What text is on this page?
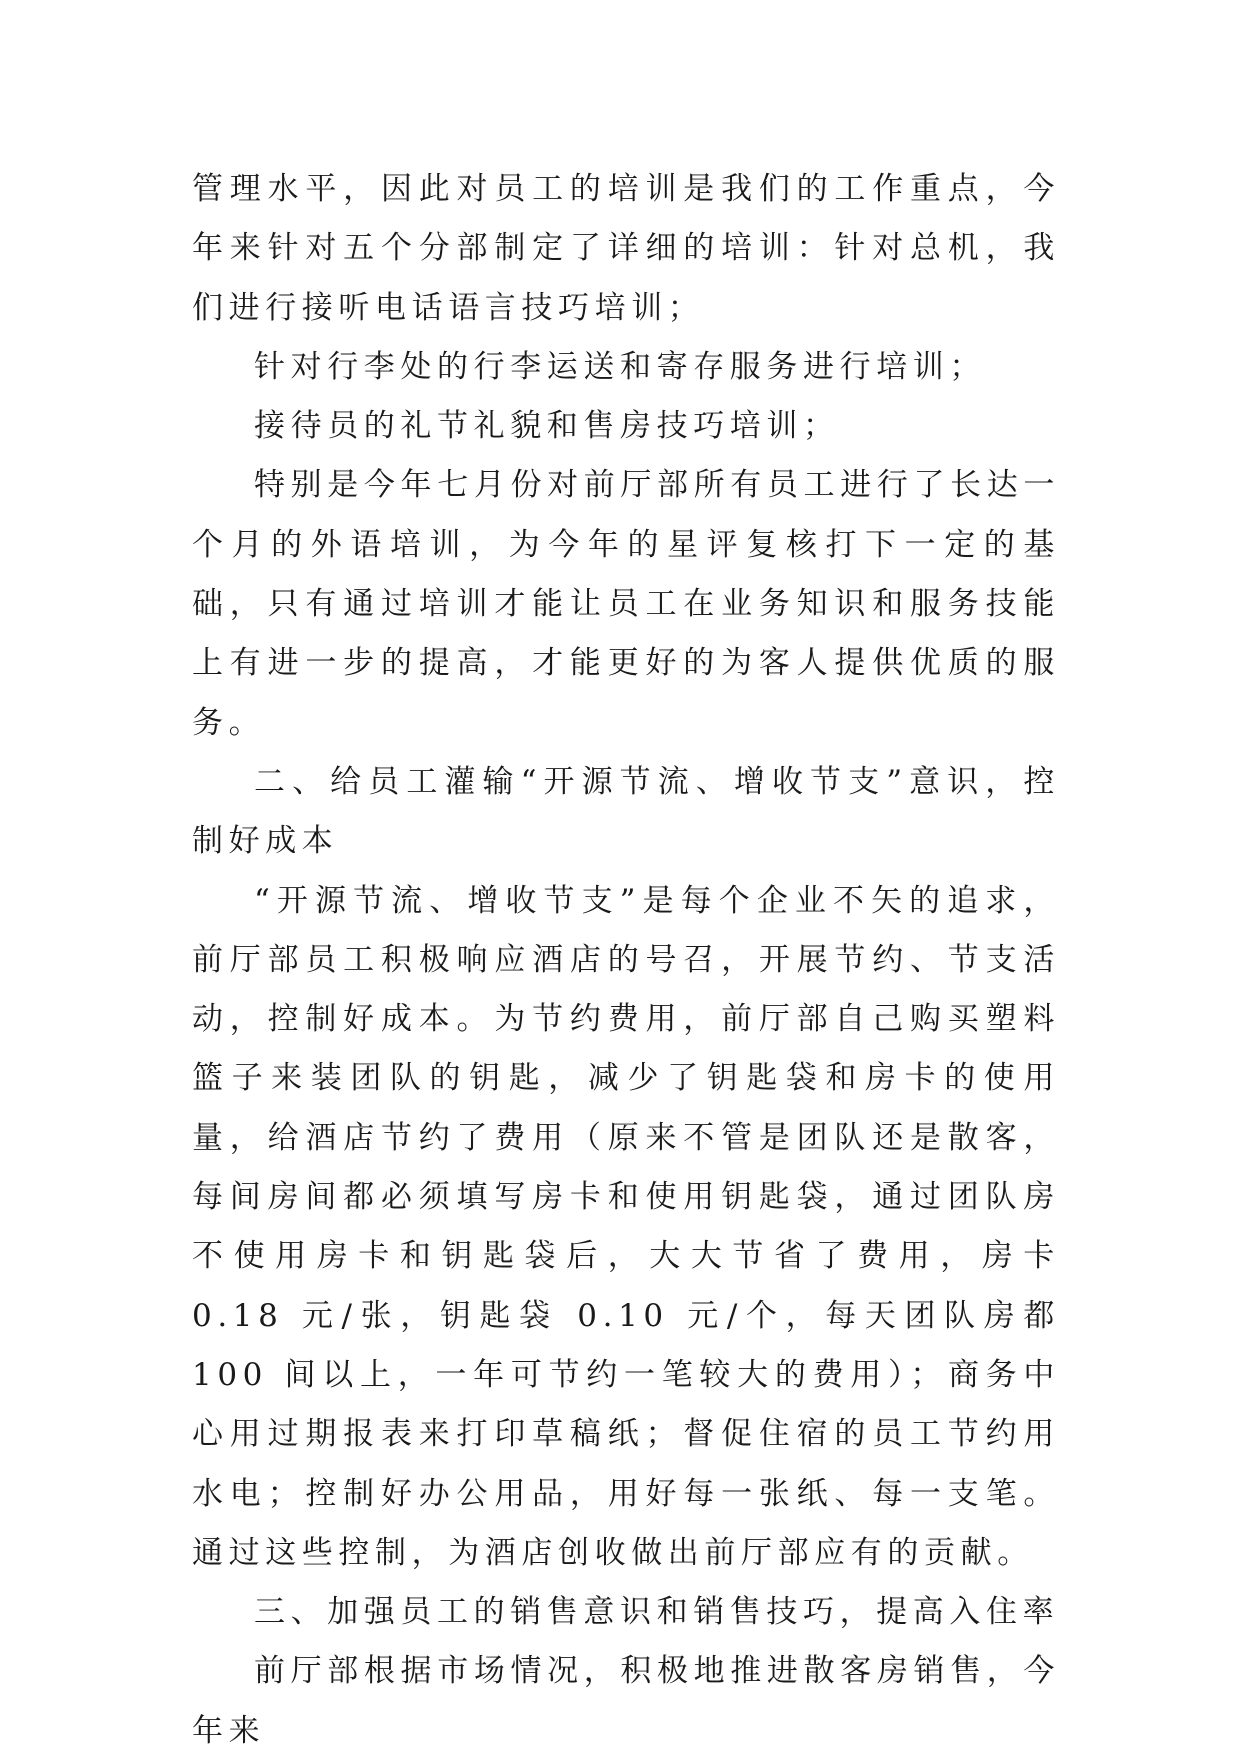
管理水平，因此对员工的培训是我们的工作重点，今年来针对五个分部制定了详细的培训：针对总机，我们进行接听电话语言技巧培训；

针对行李处的行李运送和寄存服务进行培训；

接待员的礼节礼貌和售房技巧培训；

特别是今年七月份对前厅部所有员工进行了长达一个月的外语培训，为今年的星评复核打下一定的基础，只有通过培训才能让员工在业务知识和服务技能上有进一步的提高，才能更好的为客人提供优质的服务。

二、给员工灌输“开源节流、增收节支”意识，控制好成本

“开源节流、增收节支”是每个企业不矢的追求，前厅部员工积极响应酒店的号召，开展节约、节支活动，控制好成本。为节约费用，前厅部自己购买塑料篮子来装团队的钥匙，减少了钥匙袋和房卡的使用量，给酒店节约了费用（原来不管是团队还是散客，每间房间都必须填写房卡和使用钥匙袋，通过团队房不使用房卡和钥匙袋后，大大节省了费用，房卡 0.18 元/张，钥匙袋 0.10 元/个，每天团队房都 100 间以上，一年可节约一笔较大的费用）；商务中心用过期报表来打印草稿纸；督促住宿的员工节约用水电；控制好办公用品，用好每一张纸、每一支笔。通过这些控制，为酒店创收做出前厅部应有的贡献。

三、加强员工的销售意识和销售技巧，提高入住率

前厅部根据市场情况，积极地推进散客房销售，今年来
